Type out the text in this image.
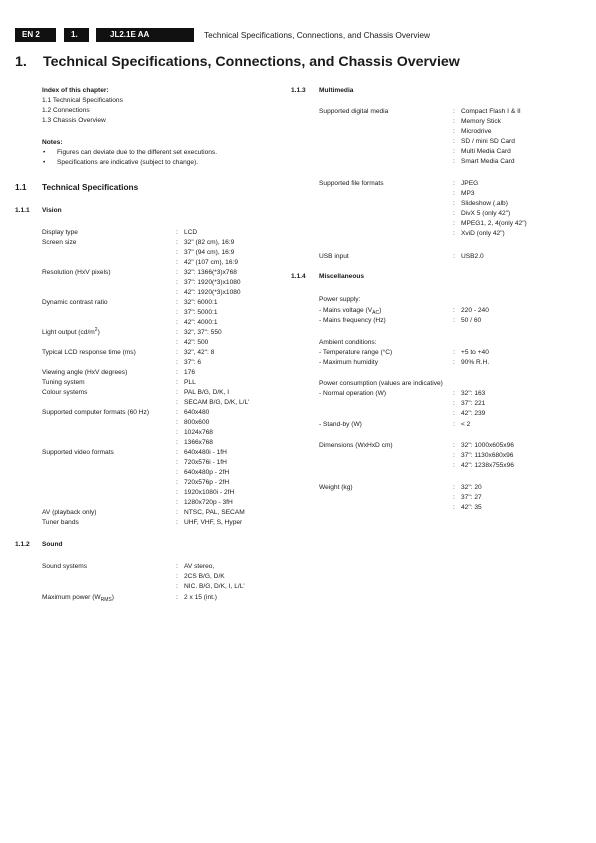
EN 2	1.	JL2.1E AA	Technical Specifications, Connections, and Chassis Overview
1. Technical Specifications, Connections, and Chassis Overview
Index of this chapter:
1.1 Technical Specifications
1.2 Connections
1.3 Chassis Overview
Notes:
• Figures can deviate due to the different set executions.
• Specifications are indicative (subject to change).
1.1 Technical Specifications
1.1.1 Vision
Display type	: LCD
Screen size	: 32" (82 cm), 16:9
: 37" (94 cm), 16:9
: 42" (107 cm), 16:9
Resolution (HxV pixels)	: 32": 1366(*3)x768
: 37": 1920(*3)x1080
: 42": 1920(*3)x1080
Dynamic contrast ratio	: 32": 6000:1
: 37": 5000:1
: 42": 4000:1
Light output $(cd/m^2)$	: 32", 37": 550
: 42": 500
Typical LCD response time (ms)	: 32", 42": 8
: 37": 6
Viewing angle (HxV degrees)	: 176
Tuning system	: PLL
Colour systems	: PAL B/G, D/K, I
: SECAM B/G, D/K, L/L'
Supported computer formats (60 Hz)	: 640x480
: 800x600
: 1024x768
: 1366x768
Supported video formats	: 640x480i - 1fH
: 720x576i - 1fH
: 640x480p - 2fH
: 720x576p - 2fH
: 1920x1080i - 2fH
: 1280x720p - 3fH
AV (playback only)	: NTSC, PAL, SECAM
Tuner bands	: UHF, VHF, S, Hyper
1.1.2 Sound
Sound systems	: AV stereo,
: 2CS B/G, D/K
: NIC. B/G, D/K, I, L/L'
Maximum power $(W_{RMS})$	: 2 x 15 (int.)
1.1.3 Multimedia
Supported digital media	: Compact Flash I & II
: Memory Stick
: Microdrive
: SD / mini SD Card
: Multi Media Card
: Smart Media Card
Supported file formats	: JPEG
: MP3
: Slideshow (.alb)
: DivX 5 (only 42")
: MPEG1, 2, 4(only 42")
: XviD (only 42")
USB input	: USB2.0
1.1.4 Miscellaneous
Power supply:
- Mains voltage $(V_{AC})$	: 220 - 240
- Mains frequency (Hz)	: 50 / 60
Ambient conditions:
- Temperature range (°C)	: +5 to +40
- Maximum humidity	: 90% R.H.
Power consumption (values are indicative)
- Normal operation (W)	: 32": 163
: 37": 221
: 42": 239
- Stand-by (W)	: < 2
Dimensions (WxHxD cm)	: 32": 1000x605x96
: 37": 1130x680x96
: 42": 1238x755x96
Weight (kg)	: 32": 20
: 37": 27
: 42": 35
